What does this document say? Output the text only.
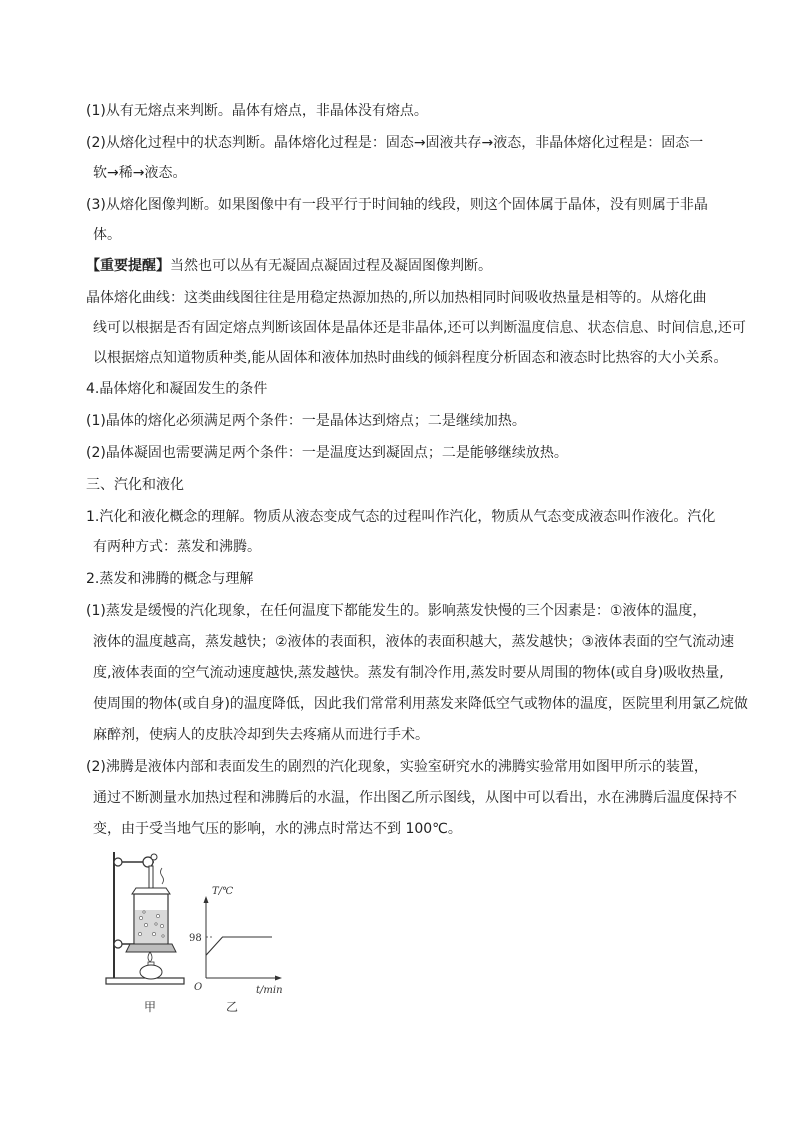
(1)从有无熔点来判断。晶体有熔点，非晶体没有熔点。
(2)从熔化过程中的状态判断。晶体熔化过程是：固态→固液共存→液态，非晶体熔化过程是：固态一
软→稀→液态。
(3)从熔化图像判断。如果图像中有一段平行于时间轴的线段，则这个固体属于晶体，没有则属于非晶
体。
【重要提醒】当然也可以丛有无凝固点凝固过程及凝固图像判断。
晶体熔化曲线：这类曲线图往往是用稳定热源加热的,所以加热相同时间吸收热量是相等的。从熔化曲
线可以根据是否有固定熔点判断该固体是晶体还是非晶体,还可以判断温度信息、状态信息、时间信息,还可
以根据熔点知道物质种类,能从固体和液体加热时曲线的倾斜程度分析固态和液态时比热容的大小关系。
4.晶体熔化和凝固发生的条件
(1)晶体的熔化必须满足两个条件：一是晶体达到熔点；二是继续加热。
(2)晶体凝固也需要满足两个条件：一是温度达到凝固点；二是能够继续放热。
三、汽化和液化
1.汽化和液化概念的理解。物质从液态变成气态的过程叫作汽化，物质从气态变成液态叫作液化。汽化
有两种方式：蒸发和沸腾。
2.蒸发和沸腾的概念与理解
(1)蒸发是缓慢的汽化现象，在任何温度下都能发生的。影响蒸发快慢的三个因素是：①液体的温度，
液体的温度越高，蒸发越快；②液体的表面积，液体的表面积越大，蒸发越快；③液体表面的空气流动速
度,液体表面的空气流动速度越快,蒸发越快。蒸发有制冷作用,蒸发时要从周围的物体(或自身)吸收热量,
使周围的物体(或自身)的温度降低，因此我们常常利用蒸发来降低空气或物体的温度，医院里利用氯乙烷做
麻醉剂，使病人的皮肤冷却到失去疼痛从而进行手术。
(2)沸腾是液体内部和表面发生的剧烈的汽化现象，实验室研究水的沸腾实验常用如图甲所示的装置，
通过不断测量水加热过程和沸腾后的水温，作出图乙所示图线，从图中可以看出，水在沸腾后温度保持不
变，由于受当地气压的影响，水的沸点时常达不到 100℃。
T/℃
t/min
O
98
甲	乙
